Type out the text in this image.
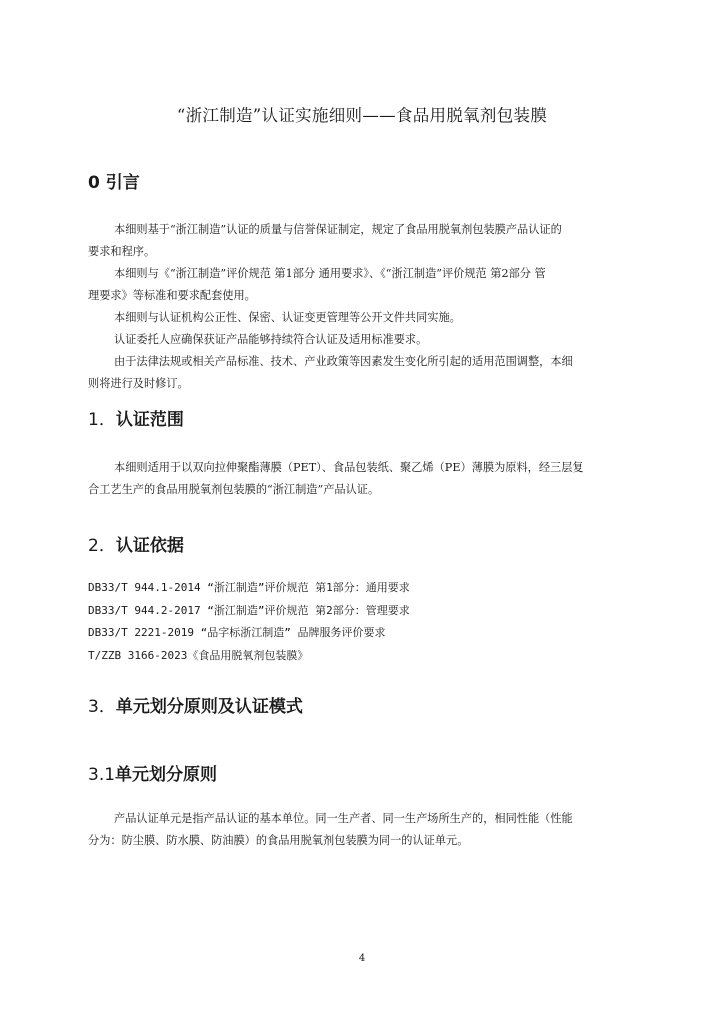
“浙江制造”认证实施细则——食品用脱氧剂包装膜
0 引言
本细则基于“浙江制造”认证的质量与信誉保证制定，规定了食品用脱氧剂包装膜产品认证的
要求和程序。
本细则与《“浙江制造”评价规范 第1部分 通用要求》、《“浙江制造”评价规范 第2部分 管
理要求》等标准和要求配套使用。
本细则与认证机构公正性、保密、认证变更管理等公开文件共同实施。
认证委托人应确保获证产品能够持续符合认证及适用标准要求。
由于法律法规或相关产品标准、技术、产业政策等因素发生变化所引起的适用范围调整，本细
则将进行及时修订。
1．认证范围
本细则适用于以双向拉伸聚酯薄膜（PET）、食品包装纸、聚乙烯（PE）薄膜为原料，经三层复
合工艺生产的食品用脱氧剂包装膜的“浙江制造”产品认证。
2．认证依据
DB33/T 944.1-2014 “浙江制造”评价规范 第1部分：通用要求
DB33/T 944.2-2017 “浙江制造”评价规范 第2部分：管理要求
DB33/T 2221-2019 “品字标浙江制造” 品牌服务评价要求
T/ZZB 3166-2023《食品用脱氧剂包装膜》
3．单元划分原则及认证模式
3.1单元划分原则
产品认证单元是指产品认证的基本单位。同一生产者、同一生产场所生产的，相同性能（性能
分为：防尘膜、防水膜、防油膜）的食品用脱氧剂包装膜为同一的认证单元。
4
